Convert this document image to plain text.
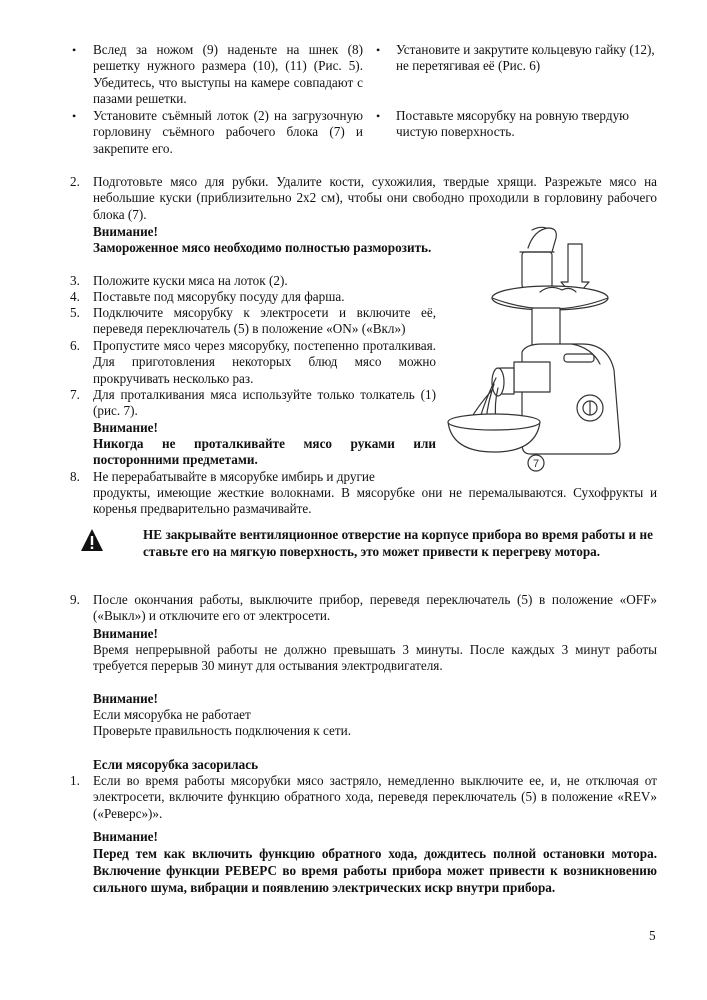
• Вслед за ножом (9) наденьте на шнек (8) решетку нужного размера (10), (11) (Рис. 5). Убедитесь, что выступы на камере совпадают с пазами решетки.

• Установите съёмный лоток (2) на загрузочную горловину съёмного рабочего блока (7) и закрепите его.

• Установите и закрутите кольцевую гайку (12), не перетягивая её (Рис. 6)

• Поставьте мясорубку на ровную твердую чистую поверхность.

2. Подготовьте мясо для рубки. Удалите кости, сухожилия, твердые хрящи. Разрежьте мясо на небольшие куски (приблизительно 2х2 см), чтобы они свободно проходили в горловину рабочего блока (7).

Внимание!

Замороженное мясо необходимо полностью разморозить.

3. Положите куски мяса на лоток (2).

4. Поставьте под мясорубку посуду для фарша.

5. Подключите мясорубку к электросети и включите её, переведя переключатель (5) в положение «ON» («Вкл»)

6. Пропустите мясо через мясорубку, постепенно проталкивая. Для приготовления некоторых блюд мясо можно прокручивать несколько раз.

7. Для проталкивания мяса используйте только толкатель (1) (рис. 7).

Внимание!

Никогда не проталкивайте мясо руками или посторонними предметами.

8. Не перерабатывайте в мясорубке имбирь и другие

продукты, имеющие жесткие волокнами. В мясорубке они не перемалываются. Сухофрукты и коренья предварительно размачивайте.

7

НЕ закрывайте вентиляционное отверстие на корпусе прибора во время работы и не ставьте его на мягкую поверхность, это может привести к перегреву мотора.

9. После окончания работы, выключите прибор, переведя переключатель (5) в положение «OFF» («Выкл») и отключите его от электросети.

Внимание!

Время непрерывной работы не должно превышать 3 минуты. После каждых 3 минут работы требуется перерыв 30 минут для остывания электродвигателя.

Внимание!

Если мясорубка не работает

Проверьте правильность подключения к сети.

Если мясорубка засорилась

1. Если во время работы мясорубки мясо застряло, немедленно выключите ее, и, не отключая от электросети, включите функцию обратного хода, переведя переключатель (5) в положение «REV» («Реверс»)».

Внимание!

Перед тем как включить функцию обратного хода, дождитесь полной остановки мотора. Включение функции РЕВЕРС во время работы прибора может привести к возникновению сильного шума, вибрации и появлению электрических искр внутри прибора.

5
